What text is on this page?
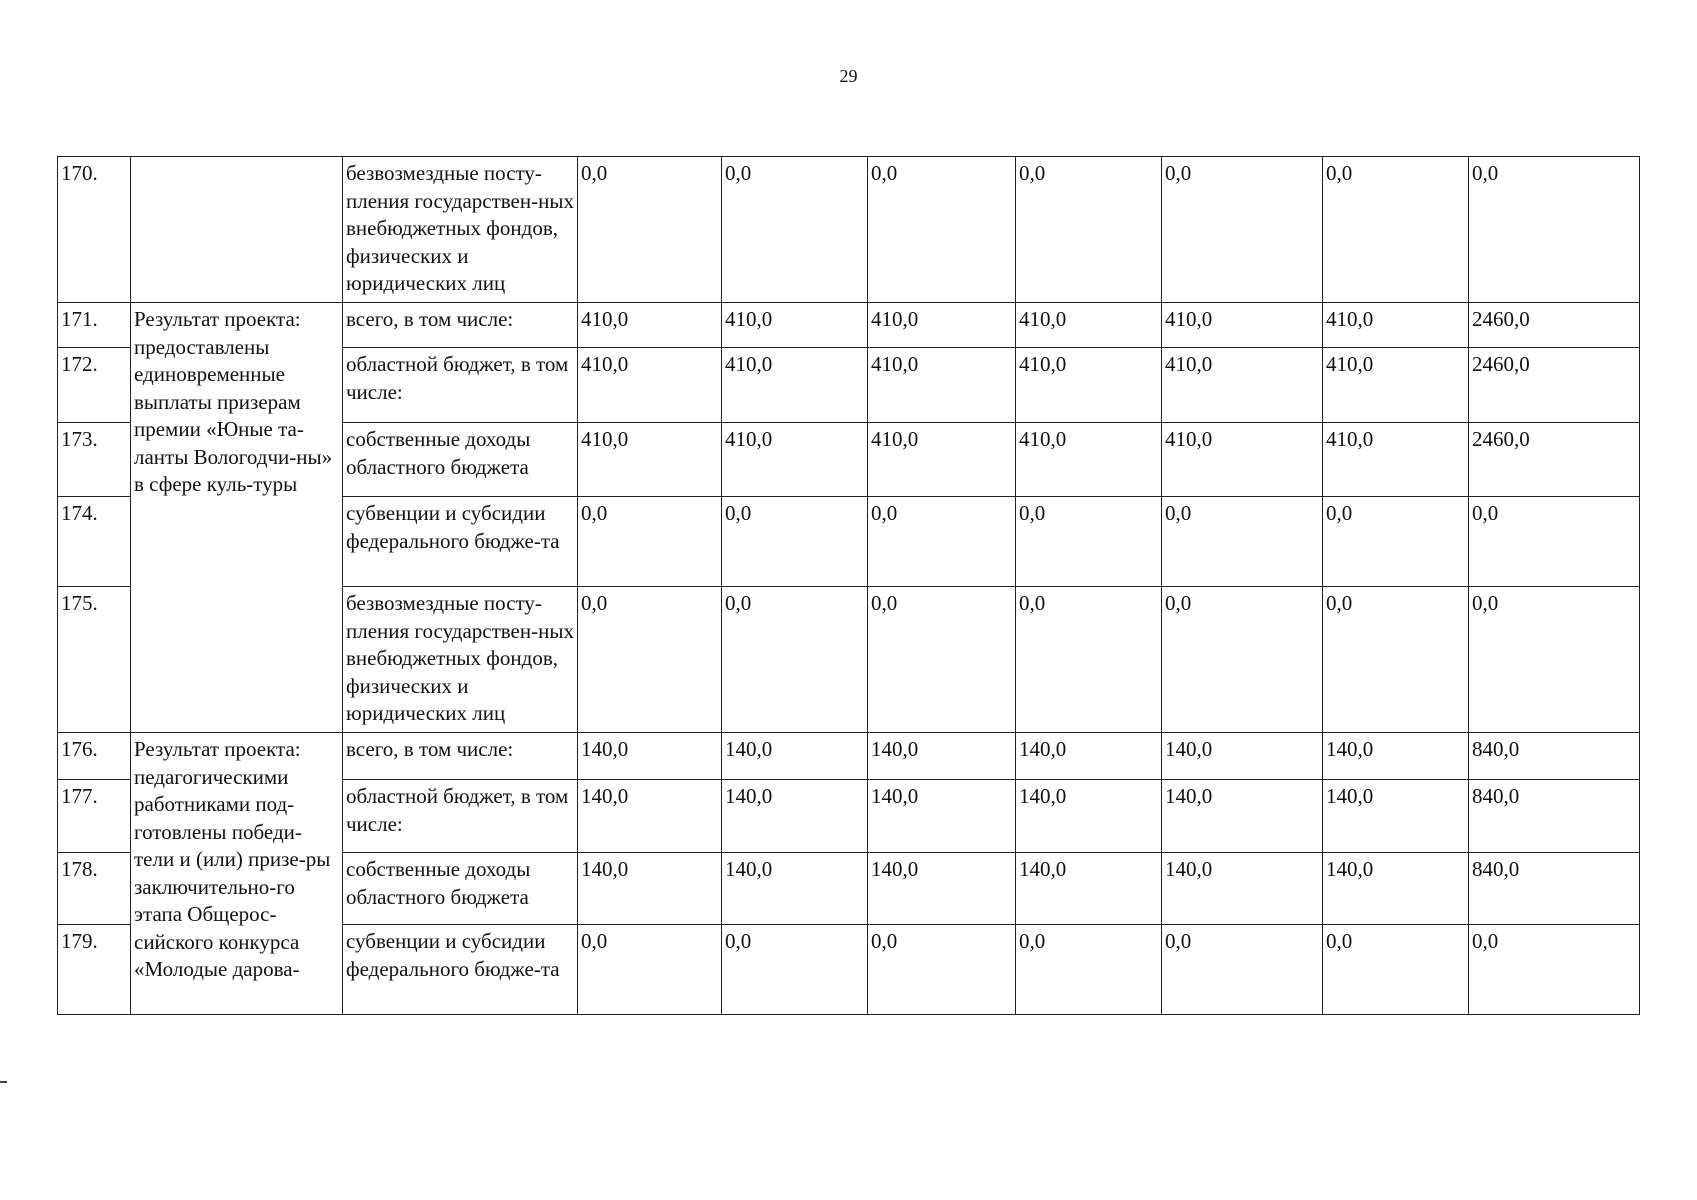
29
170.		безвозмездные посту-пления государствен-ных внебюджетных фондов, физических и юридических лиц	0,0	0,0	0,0	0,0	0,0	0,0	0,0
171.	Результат проекта: предоставлены единовременные выплаты призерам премии «Юные та-ланты Вологодчи-ны» в сфере куль-туры	всего, в том числе:	410,0	410,0	410,0	410,0	410,0	410,0	2460,0
172.		областной бюджет, в том числе:	410,0	410,0	410,0	410,0	410,0	410,0	2460,0
173.		собственные доходы областного бюджета	410,0	410,0	410,0	410,0	410,0	410,0	2460,0
174.		субвенции и субсидии федерального бюдже-та	0,0	0,0	0,0	0,0	0,0	0,0	0,0
175.		безвозмездные посту-пления государствен-ных внебюджетных фондов, физических и юридических лиц	0,0	0,0	0,0	0,0	0,0	0,0	0,0
176.	Результат проекта: педагогическими работниками под-готовлены победи-тели и (или) призе-ры заключительно-го этапа Общерос-сийского конкурса «Молодые дарова-	всего, в том числе:	140,0	140,0	140,0	140,0	140,0	140,0	840,0
177.		областной бюджет, в том числе:	140,0	140,0	140,0	140,0	140,0	140,0	840,0
178.		собственные доходы областного бюджета	140,0	140,0	140,0	140,0	140,0	140,0	840,0
179.		субвенции и субсидии федерального бюдже-та	0,0	0,0	0,0	0,0	0,0	0,0	0,0
